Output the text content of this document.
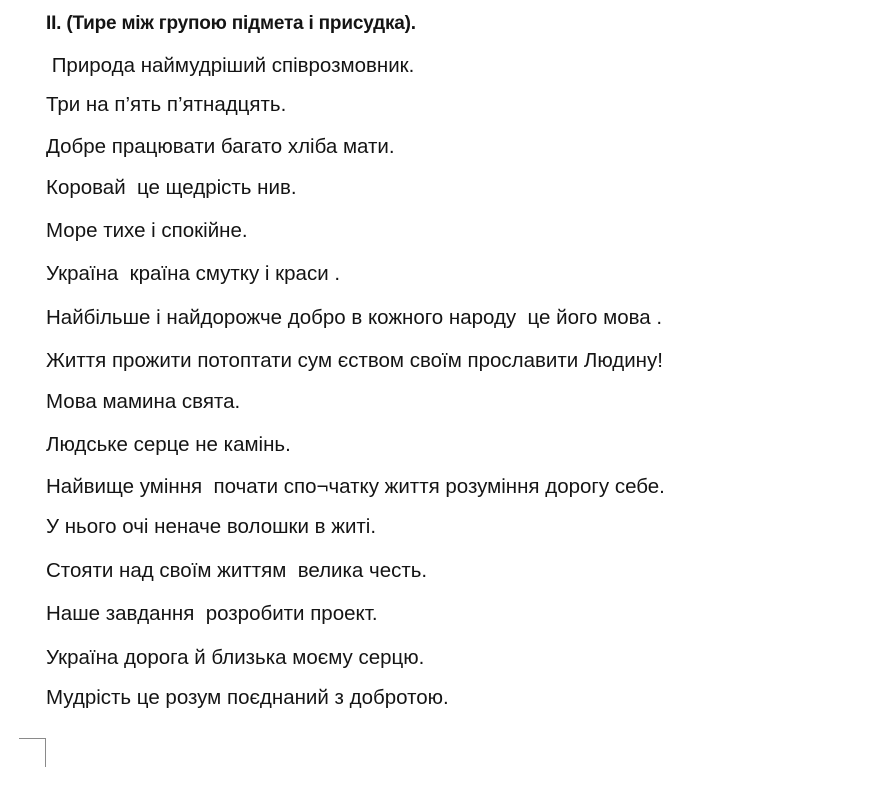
II. (Тире між групою підмета і присудка).
Природа наймудріший співрозмовник.
Три на п’ять п’ятнадцять.
Добре працювати багато хліба мати.
Коровай  це щедрість нив.
Море тихе і спокійне.
Україна  країна смутку і краси .
Найбільше і найдорожче добро в кожного народу  це його мова .
Життя прожити потоптати сум єством своїм прославити Людину!
Мова мамина свята.
Людське серце не камінь.
Найвище уміння  почати спо¬чатку життя розуміння дорогу себе.
У нього очі неначе волошки в житі.
Стояти над своїм життям  велика честь.
Наше завдання  розробити проект.
Україна дорога й близька моєму серцю.
Мудрість це розум поєднаний з добротою.
